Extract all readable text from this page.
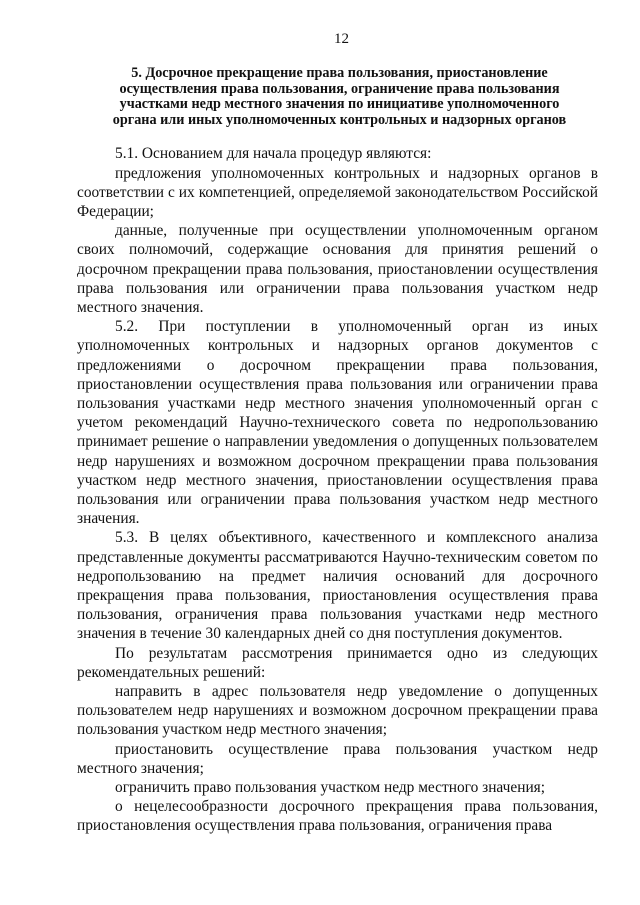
12
5. Досрочное прекращение права пользования, приостановление
осуществления права пользования, ограничение права пользования
участками недр местного значения по инициативе уполномоченного
органа или иных уполномоченных контрольных и надзорных органов

5.1. Основанием для начала процедур являются:

предложения уполномоченных контрольных и надзорных органов в соответствии с их компетенцией, определяемой законодательством Российской Федерации;

данные, полученные при осуществлении уполномоченным органом своих полномочий, содержащие основания для принятия решений о досрочном прекращении права пользования, приостановлении осуществления права пользования или ограничении права пользования участком недр местного значения.

5.2. При поступлении в уполномоченный орган из иных уполномоченных контрольных и надзорных органов документов с предложениями о досрочном прекращении права пользования, приостановлении осуществления права пользования или ограничении права пользования участками недр местного значения уполномоченный орган с учетом рекомендаций Научно-технического совета по недропользованию принимает решение о направлении уведомления о допущенных пользователем недр нарушениях и возможном досрочном прекращении права пользования участком недр местного значения, приостановлении осуществления права пользования или ограничении права пользования участком недр местного значения.

5.3. В целях объективного, качественного и комплексного анализа представленные документы рассматриваются Научно-техническим советом по недропользованию на предмет наличия оснований для досрочного прекращения права пользования, приостановления осуществления права пользования, ограничения права пользования участками недр местного значения в течение 30 календарных дней со дня поступления документов.

По результатам рассмотрения принимается одно из следующих рекомендательных решений:

направить в адрес пользователя недр уведомление о допущенных пользователем недр нарушениях и возможном досрочном прекращении права пользования участком недр местного значения;

приостановить осуществление права пользования участком недр местного значения;

ограничить право пользования участком недр местного значения;

о нецелесообразности досрочного прекращения права пользования, приостановления осуществления права пользования, ограничения права
